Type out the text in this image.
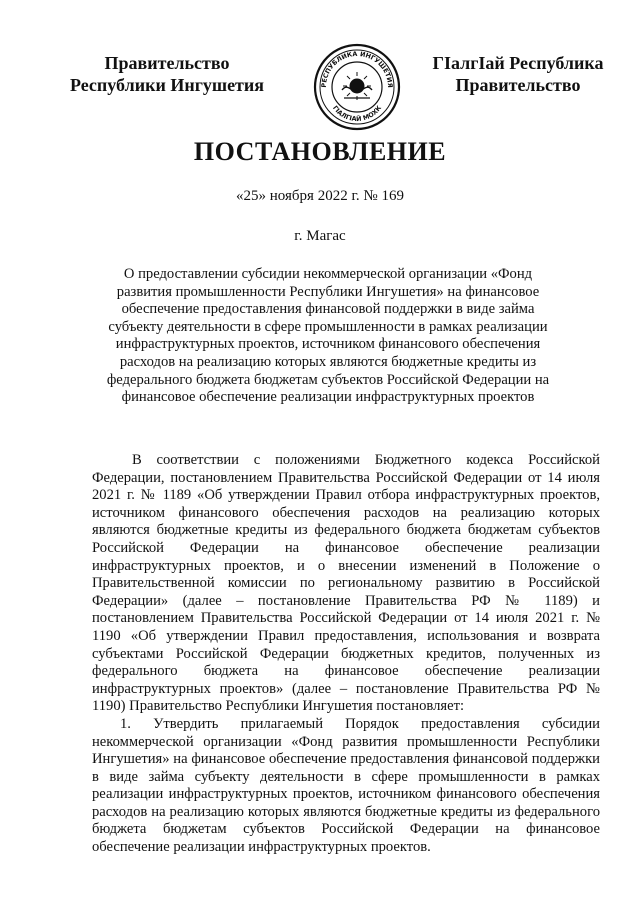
Правительство
Республики Ингушетия	РЕСПУБЛИКА ИНГУШЕТИЯ
ГӀАЛГӀАЙ МОХК
ГӀалгӀай Республика
Правительство
ПОСТАНОВЛЕНИЕ
«25» ноября 2022 г. № 169
г. Магас
О предоставлении субсидии некоммерческой организации «Фонд развития промышленности Республики Ингушетия» на финансовое обеспечение предоставления финансовой поддержки в виде займа субъекту деятельности в сфере промышленности в рамках реализации инфраструктурных проектов, источником финансового обеспечения расходов на реализацию которых являются бюджетные кредиты из федерального бюджета бюджетам субъектов Российской Федерации на финансовое обеспечение реализации инфраструктурных проектов

В соответствии с положениями Бюджетного кодекса Российской Федерации, постановлением Правительства Российской Федерации от 14 июля 2021 г. № 1189 «Об утверждении Правил отбора инфраструктурных проектов, источником финансового обеспечения расходов на реализацию которых являются бюджетные кредиты из федерального бюджета бюджетам субъектов Российской Федерации на финансовое обеспечение реализации инфраструктурных проектов, и о внесении изменений в Положение о Правительственной комиссии по региональному развитию в Российской Федерации» (далее – постановление Правительства РФ № 1189) и постановлением Правительства Российской Федерации от 14 июля 2021 г. № 1190 «Об утверждении Правил предоставления, использования и возврата субъектами Российской Федерации бюджетных кредитов, полученных из федерального бюджета на финансовое обеспечение реализации инфраструктурных проектов» (далее – постановление Правительства РФ № 1190) Правительство Республики Ингушетия постановляет:

1. Утвердить прилагаемый Порядок предоставления субсидии некоммерческой организации «Фонд развития промышленности Республики Ингушетия» на финансовое обеспечение предоставления финансовой поддержки в виде займа субъекту деятельности в сфере промышленности в рамках реализации инфраструктурных проектов, источником финансового обеспечения расходов на реализацию которых являются бюджетные кредиты из федерального бюджета бюджетам субъектов Российской Федерации на финансовое обеспечение реализации инфраструктурных проектов.
